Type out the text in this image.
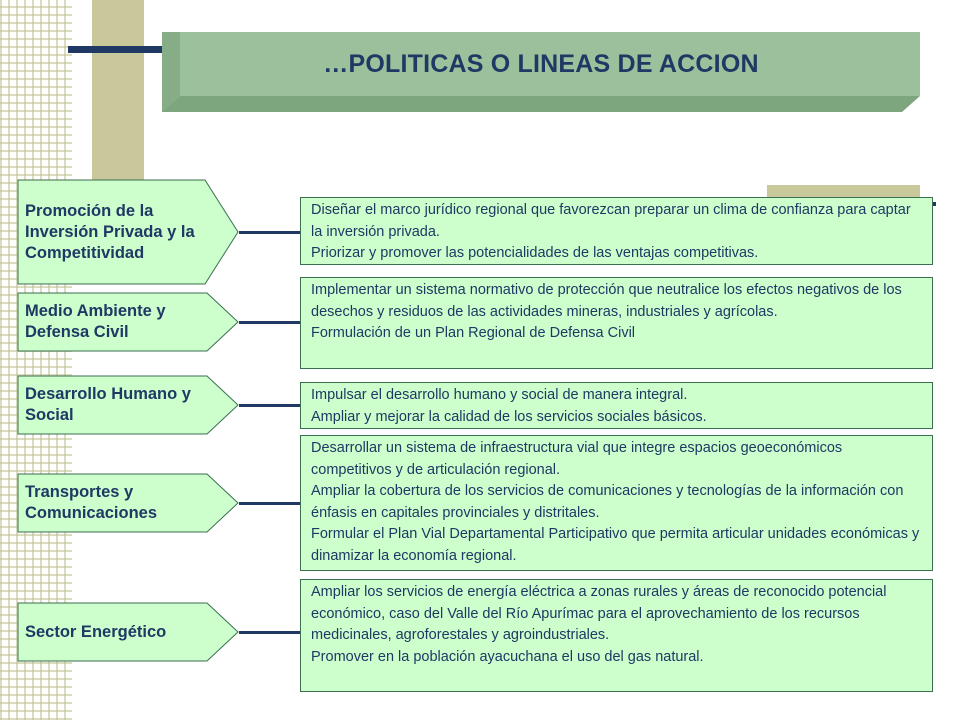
…POLITICAS O LINEAS DE ACCION
Promoción de la Inversión Privada y la Competitividad

Diseñar el marco jurídico regional que favorezcan preparar un clima de confianza para captar la inversión privada.

Priorizar y promover las potencialidades de las ventajas competitivas.

Medio Ambiente y Defensa Civil

Implementar un sistema normativo de protección que neutralice los efectos negativos de los desechos y residuos de las actividades mineras, industriales y agrícolas.

Formulación de un Plan Regional de Defensa Civil

Desarrollo Humano y Social

Impulsar el desarrollo humano y social de manera integral.

Ampliar y mejorar la calidad de los servicios sociales básicos.

Transportes y Comunicaciones

Desarrollar un sistema de infraestructura vial que integre espacios geoeconómicos competitivos y de articulación regional.

Ampliar la cobertura de los servicios de comunicaciones y tecnologías de la información con énfasis en capitales provinciales y distritales.

Formular el Plan Vial Departamental Participativo que permita articular unidades económicas y dinamizar la economía regional.

Sector Energético

Ampliar los servicios de energía eléctrica a zonas rurales y áreas de reconocido potencial económico, caso del Valle del Río Apurímac para el aprovechamiento de los recursos medicinales, agroforestales y agroindustriales.

Promover en la población ayacuchana el uso del gas natural.
